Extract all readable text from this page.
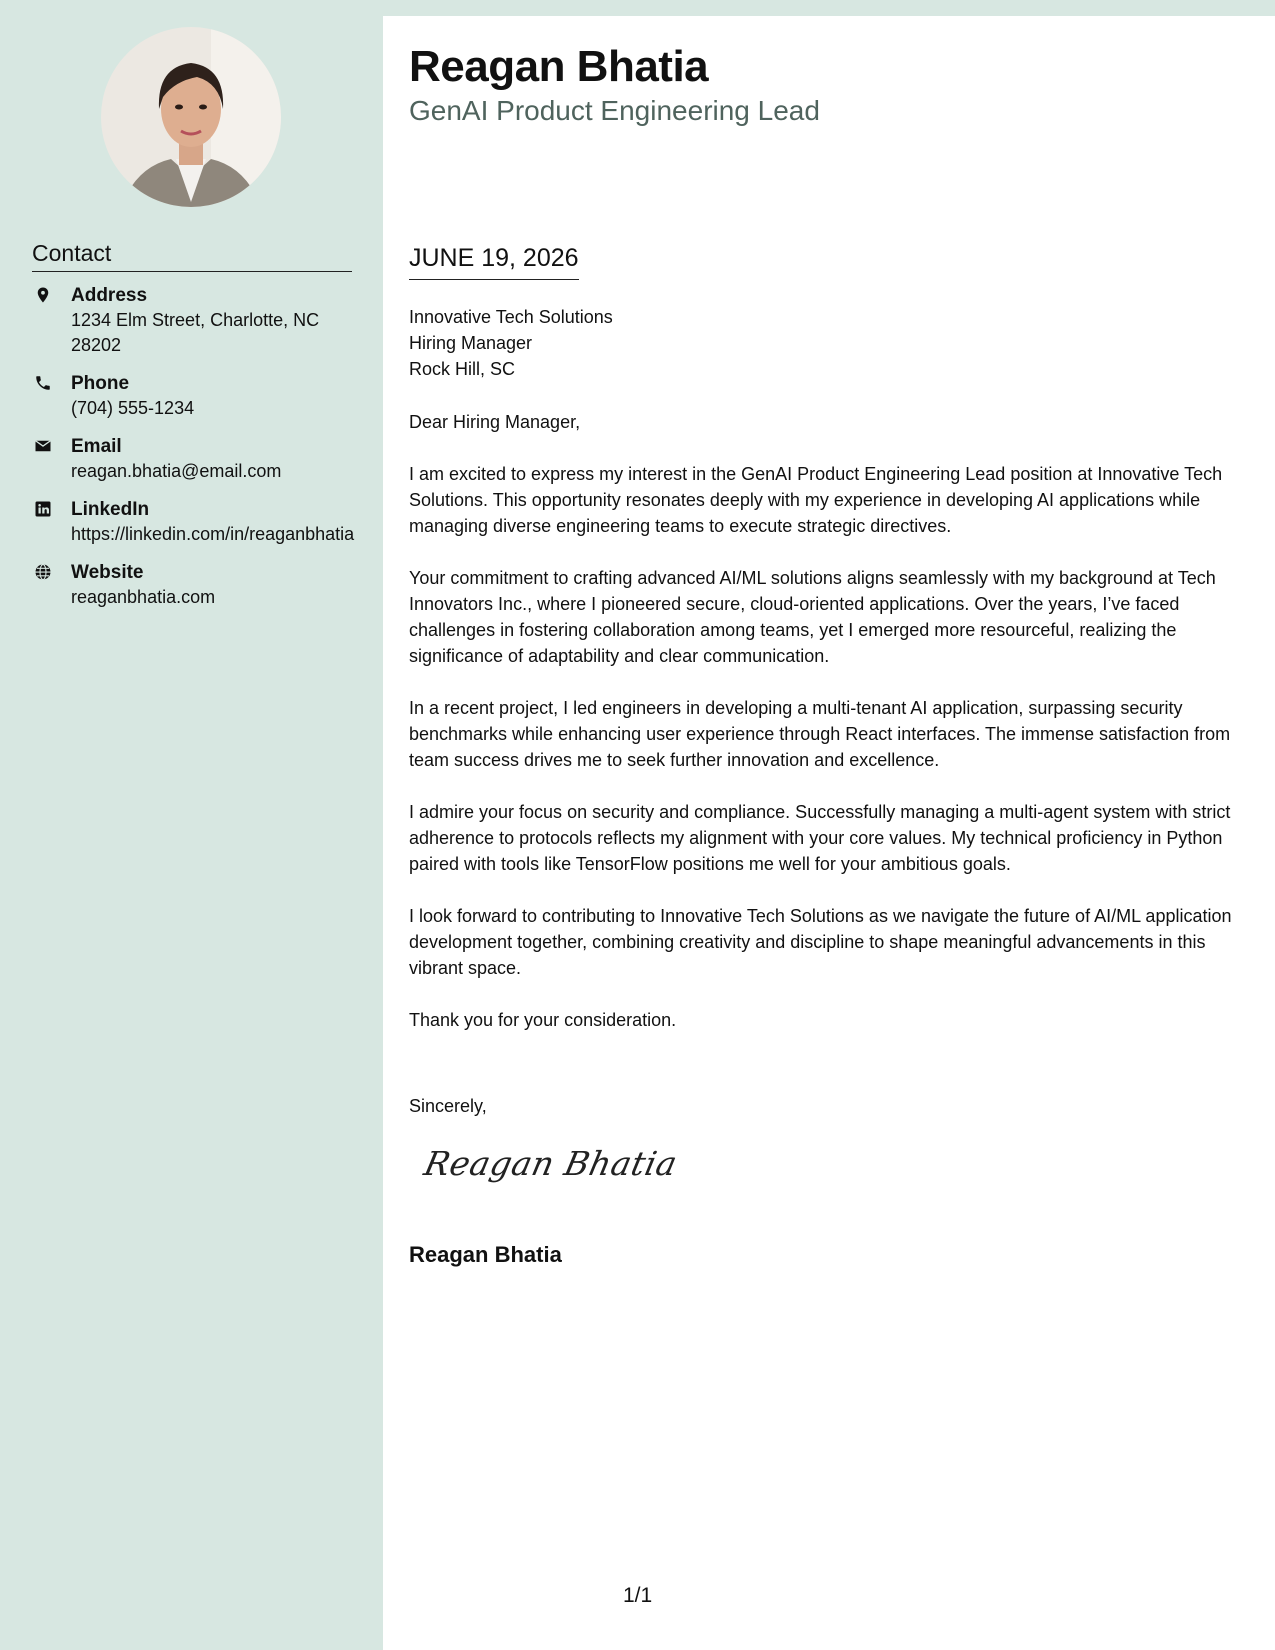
Contact
Address
1234 Elm Street, Charlotte, NC 28202
Phone
(704) 555-1234
Email
reagan.bhatia@email.com
LinkedIn
https://linkedin.com/in/reaganbhatia
Website
reaganbhatia.com
Reagan Bhatia
GenAI Product Engineering Lead
JUNE 19, 2026
Innovative Tech Solutions
Hiring Manager
Rock Hill, SC

Dear Hiring Manager,

I am excited to express my interest in the GenAI Product Engineering Lead position at Innovative Tech Solutions. This opportunity resonates deeply with my experience in developing AI applications while managing diverse engineering teams to execute strategic directives.

Your commitment to crafting advanced AI/ML solutions aligns seamlessly with my background at Tech Innovators Inc., where I pioneered secure, cloud-oriented applications. Over the years, I’ve faced challenges in fostering collaboration among teams, yet I emerged more resourceful, realizing the significance of adaptability and clear communication.

In a recent project, I led engineers in developing a multi-tenant AI application, surpassing security benchmarks while enhancing user experience through React interfaces. The immense satisfaction from team success drives me to seek further innovation and excellence.

I admire your focus on security and compliance. Successfully managing a multi-agent system with strict adherence to protocols reflects my alignment with your core values. My technical proficiency in Python paired with tools like TensorFlow positions me well for your ambitious goals.

I look forward to contributing to Innovative Tech Solutions as we navigate the future of AI/ML application development together, combining creativity and discipline to shape meaningful advancements in this vibrant space.

Thank you for your consideration.

Sincerely,
Reagan Bhatia
Reagan Bhatia
1/1
